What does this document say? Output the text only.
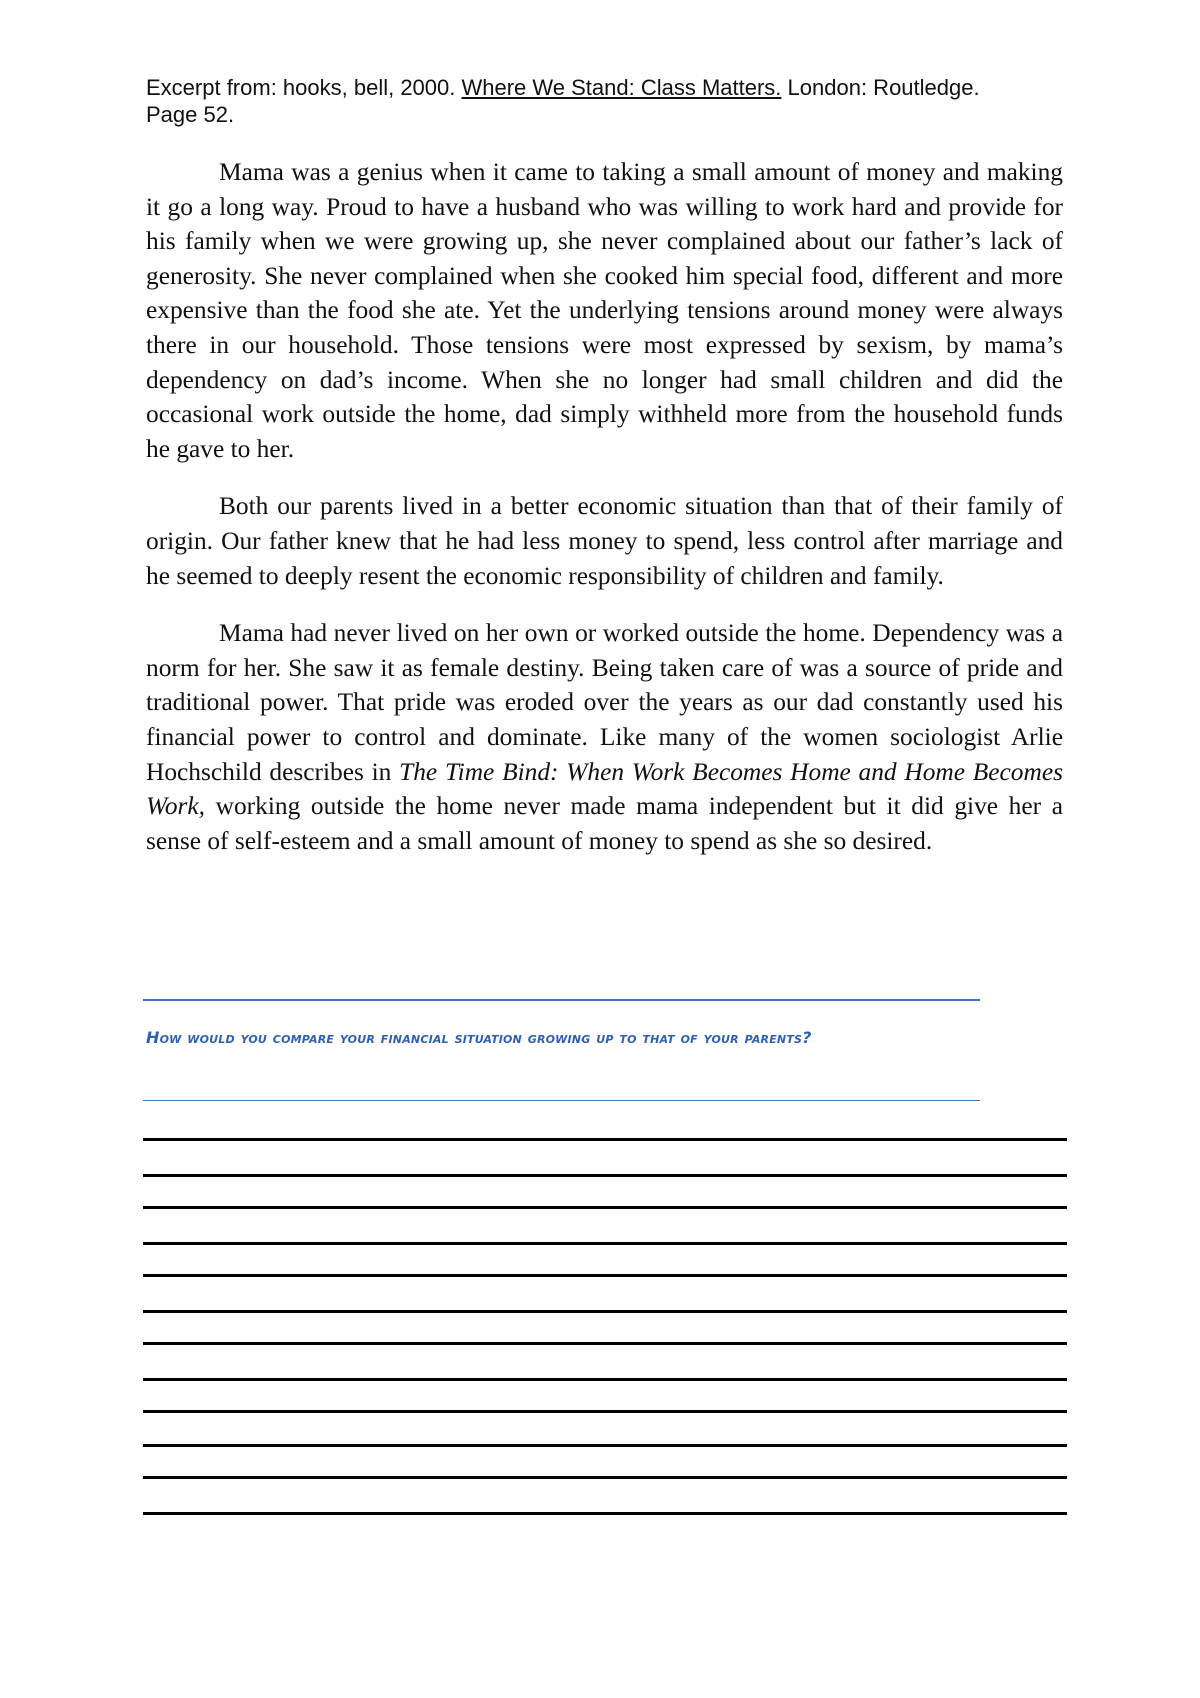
Excerpt from: hooks, bell, 2000. Where We Stand: Class Matters. London: Routledge.
Page 52.

Mama was a genius when it came to taking a small amount of money and making it go a long way. Proud to have a husband who was willing to work hard and provide for his family when we were growing up, she never complained about our father’s lack of generosity. She never complained when she cooked him special food, different and more expensive than the food she ate. Yet the underlying tensions around money were always there in our household. Those tensions were most expressed by sexism, by mama’s dependency on dad’s income. When she no longer had small children and did the occasional work outside the home, dad simply withheld more from the household funds he gave to her.

Both our parents lived in a better economic situation than that of their family of origin. Our father knew that he had less money to spend, less control after marriage and he seemed to deeply resent the economic responsibility of children and family.

Mama had never lived on her own or worked outside the home. Dependency was a norm for her. She saw it as female destiny. Being taken care of was a source of pride and traditional power. That pride was eroded over the years as our dad constantly used his financial power to control and dominate. Like many of the women sociologist Arlie Hochschild describes in The Time Bind: When Work Becomes Home and Home Becomes Work, working outside the home never made mama independent but it did give her a sense of self-esteem and a small amount of money to spend as she so desired.

How would you compare your financial situation growing up to that of your parents?
